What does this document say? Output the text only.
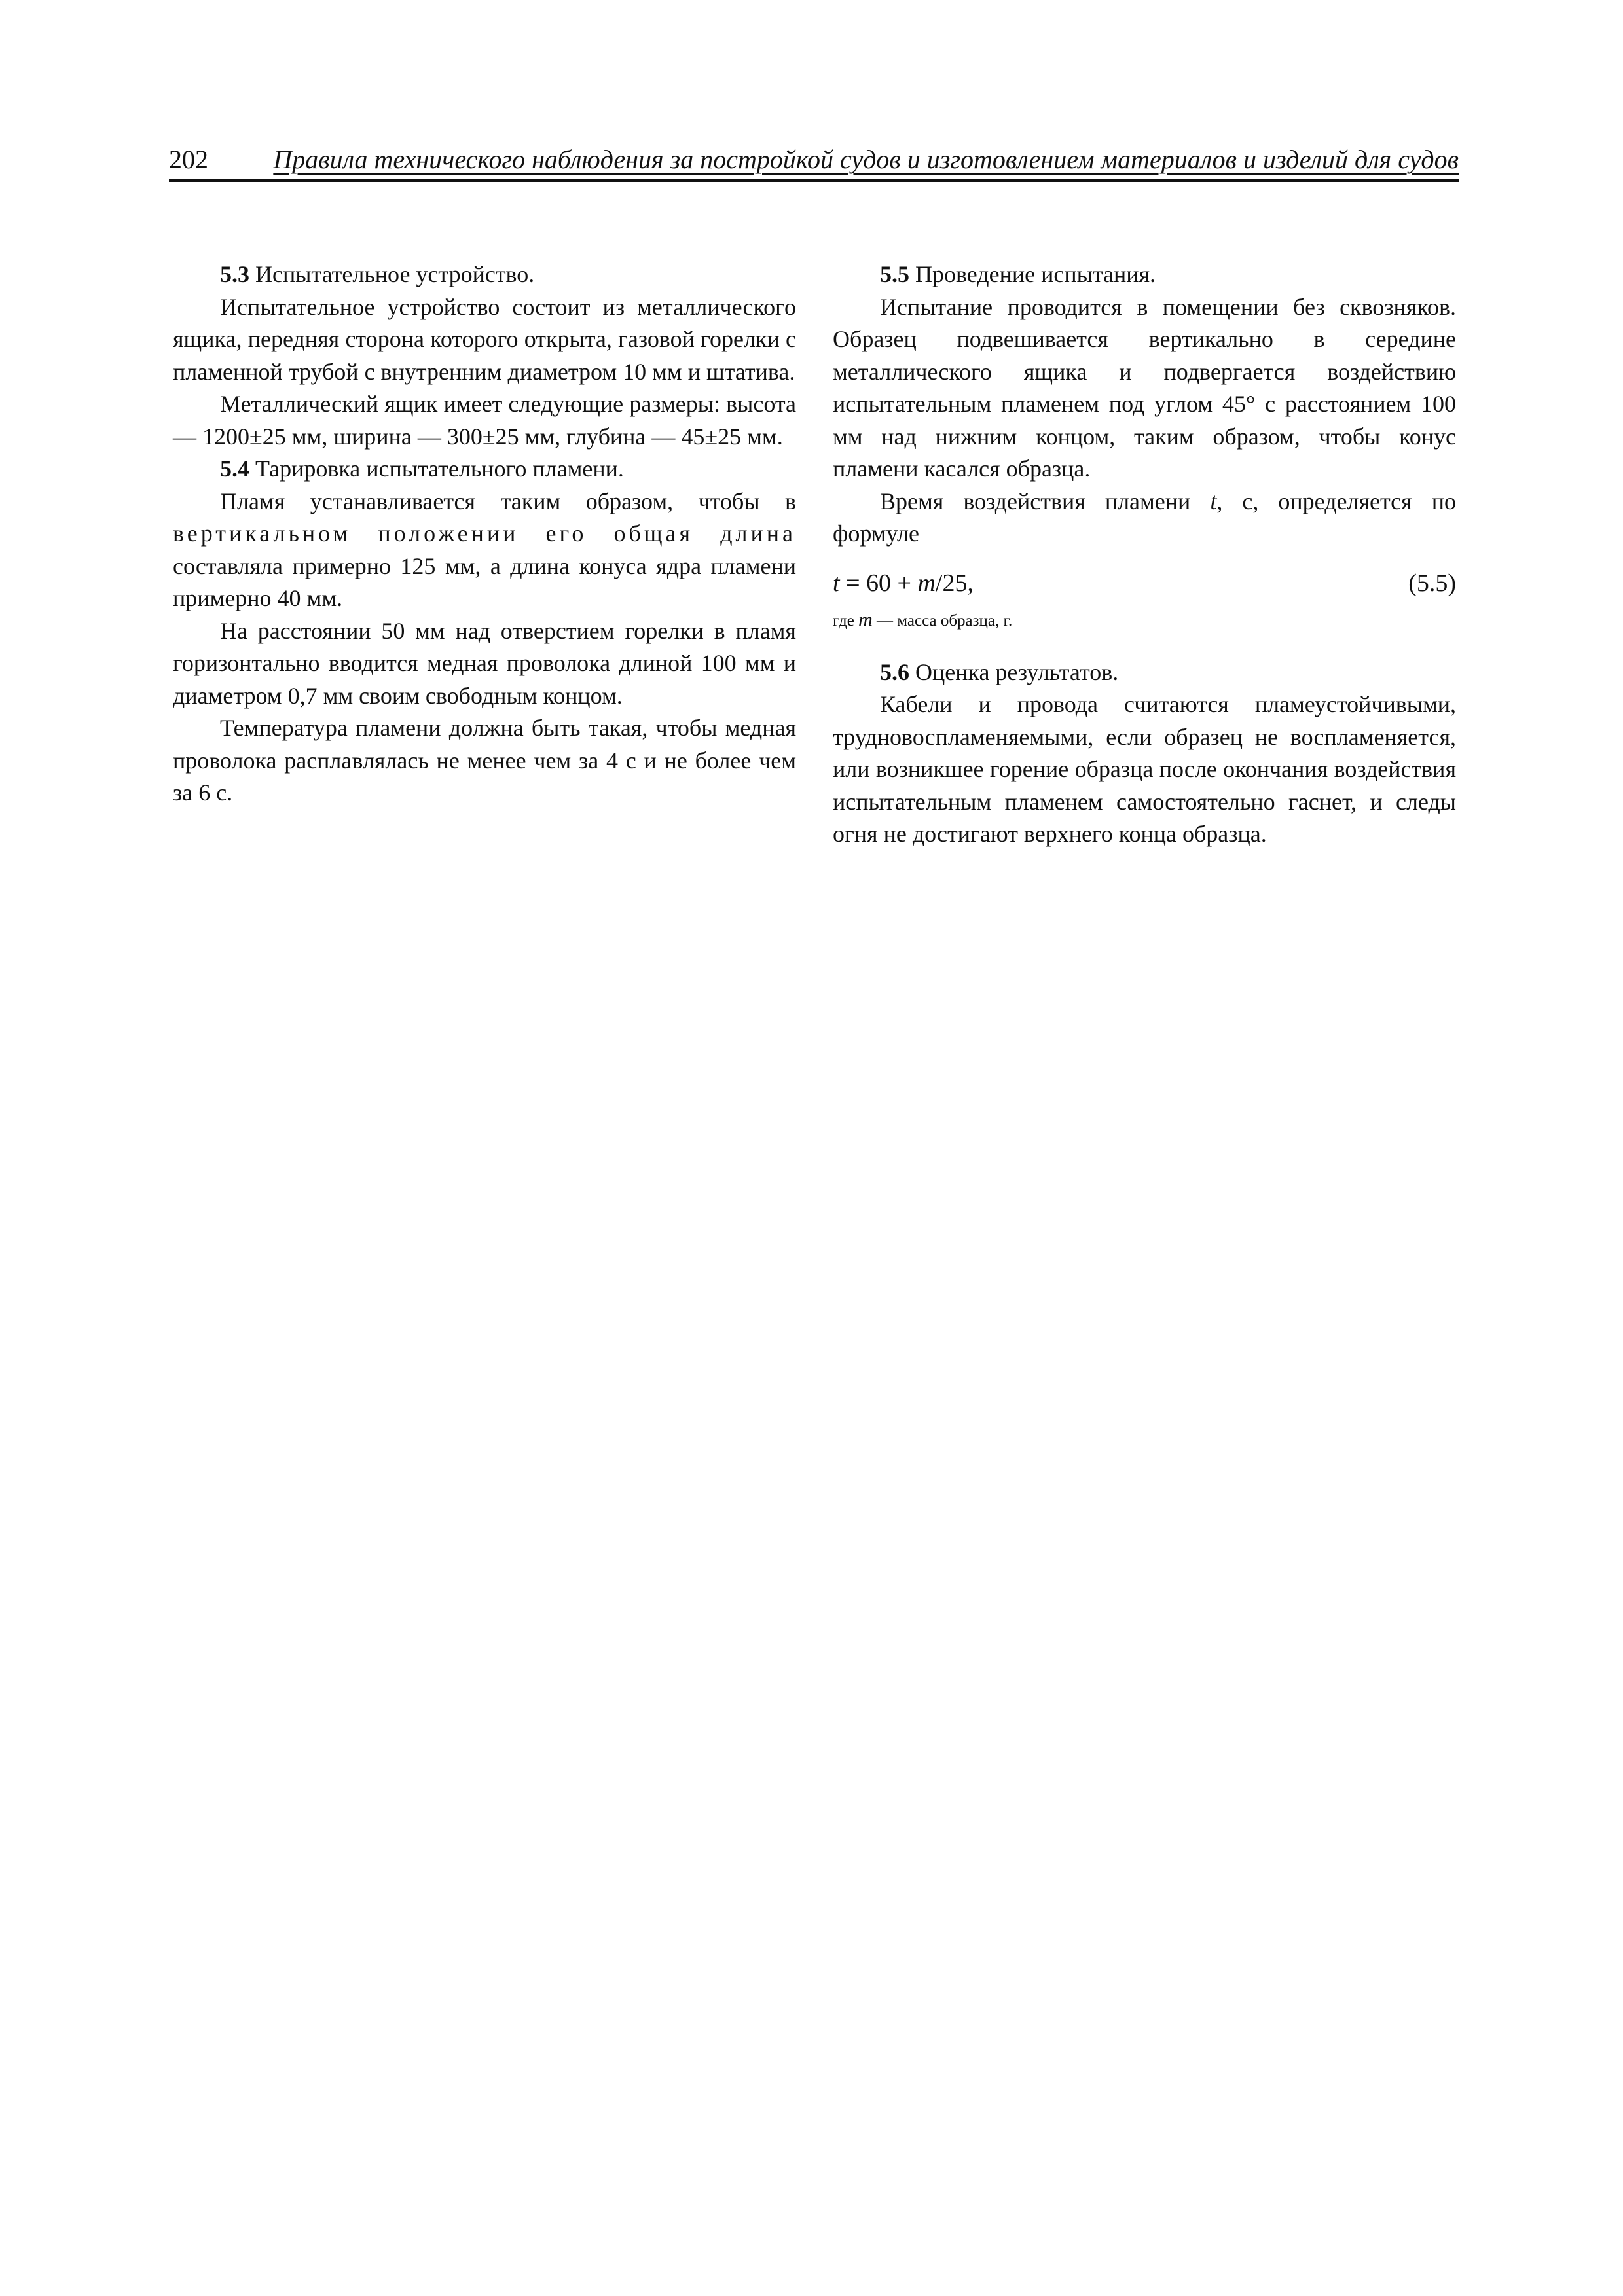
202 Правила технического наблюдения за постройкой судов и изготовлением материалов и изделий для судов

5.3 Испытательное устройство.

Испытательное устройство состоит из металлического ящика, передняя сторона которого открыта, газовой горелки с пламенной трубой с внутренним диаметром 10 мм и штатива.

Металлический ящик имеет следующие размеры: высота — 1200±25 мм, ширина — 300±25 мм, глубина — 45±25 мм.

5.4 Тарировка испытательного пламени.

Пламя устанавливается таким образом, чтобы в вертикальном положении его общая длина составляла примерно 125 мм, а длина конуса ядра пламени примерно 40 мм.

На расстоянии 50 мм над отверстием горелки в пламя горизонтально вводится медная проволока длиной 100 мм и диаметром 0,7 мм своим свободным концом.

Температура пламени должна быть такая, чтобы медная проволока расплавлялась не менее чем за 4 с и не более чем за 6 с.

5.5 Проведение испытания.

Испытание проводится в помещении без сквозняков. Образец подвешивается вертикально в середине металлического ящика и подвергается воздействию испытательным пламенем под углом 45° с расстоянием 100 мм над нижним концом, таким образом, чтобы конус пламени касался образца.

Время воздействия пламени t, с, определяется по формуле

t = 60 + m/25,	(5.5)

где m — масса образца, г.

5.6 Оценка результатов.

Кабели и провода считаются пламеустойчивыми, трудновоспламеняемыми, если образец не воспламеняется, или возникшее горение образца после окончания воздействия испытательным пламенем самостоятельно гаснет, и следы огня не достигают верхнего конца образца.
